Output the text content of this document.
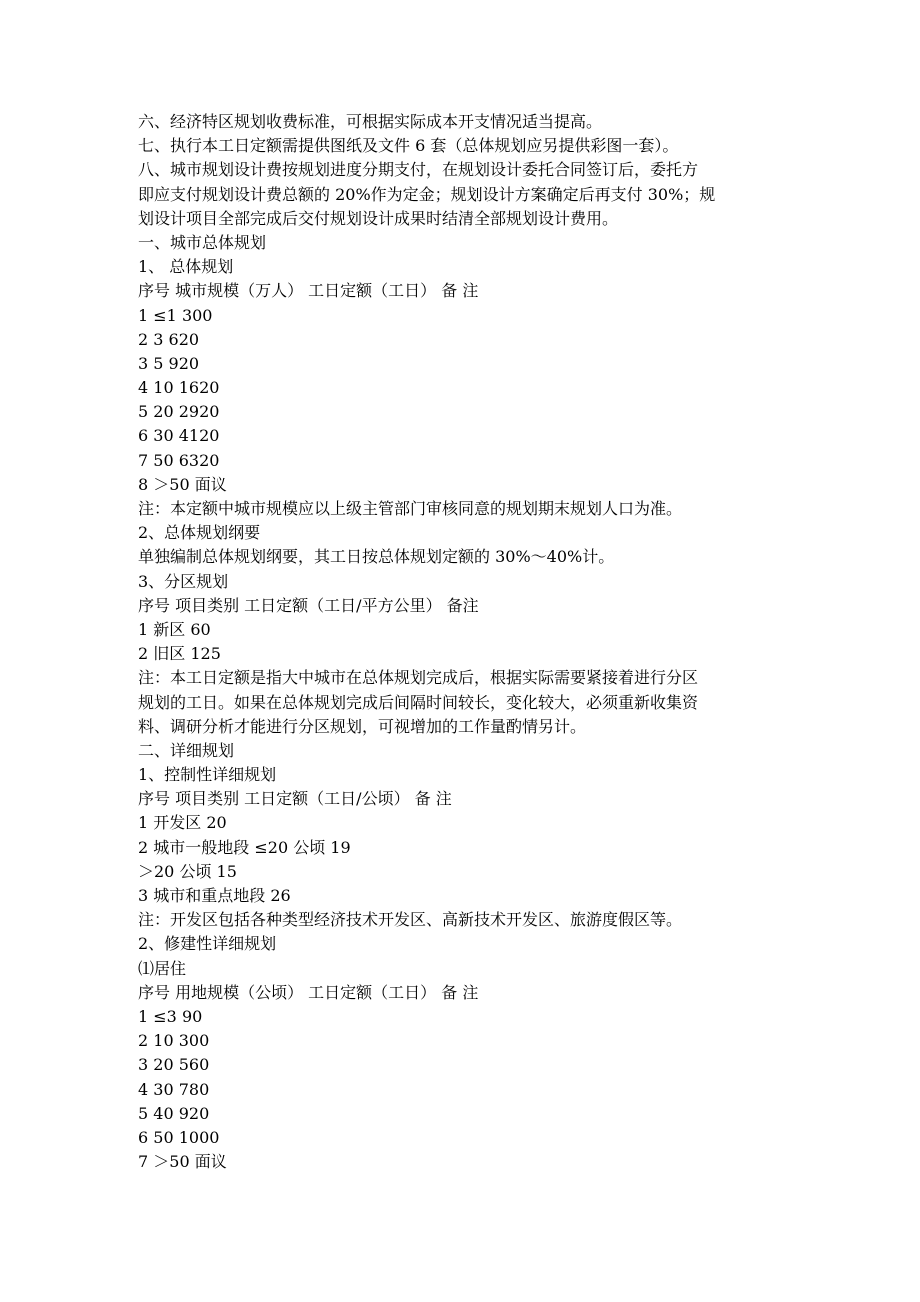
六、经济特区规划收费标准，可根据实际成本开支情况适当提高。
七、执行本工日定额需提供图纸及文件 6 套（总体规划应另提供彩图一套）。
八、城市规划设计费按规划进度分期支付，在规划设计委托合同签订后，委托方
即应支付规划设计费总额的 20%作为定金；规划设计方案确定后再支付 30%；规
划设计项目全部完成后交付规划设计成果时结清全部规划设计费用。
一、城市总体规划
1、 总体规划
序号 城市规模（万人） 工日定额（工日） 备 注
1 ≤1 300
2 3 620
3 5 920
4 10 1620
5 20 2920
6 30 4120
7 50 6320
8 ＞50 面议
注：本定额中城市规模应以上级主管部门审核同意的规划期末规划人口为准。
2、总体规划纲要
单独编制总体规划纲要，其工日按总体规划定额的 30%～40%计。
3、分区规划
序号 项目类别 工日定额（工日/平方公里） 备注
1 新区 60
2 旧区 125
注：本工日定额是指大中城市在总体规划完成后，根据实际需要紧接着进行分区
规划的工日。如果在总体规划完成后间隔时间较长，变化较大，必须重新收集资
料、调研分析才能进行分区规划，可视增加的工作量酌情另计。
二、详细规划
1、控制性详细规划
序号 项目类别 工日定额（工日/公顷） 备 注
1 开发区 20
2 城市一般地段 ≤20 公顷 19
＞20 公顷 15
3 城市和重点地段 26
注：开发区包括各种类型经济技术开发区、高新技术开发区、旅游度假区等。
2、修建性详细规划
⑴居住
序号 用地规模（公顷） 工日定额（工日） 备 注
1 ≤3 90
2 10 300
3 20 560
4 30 780
5 40 920
6 50 1000
7 ＞50 面议
